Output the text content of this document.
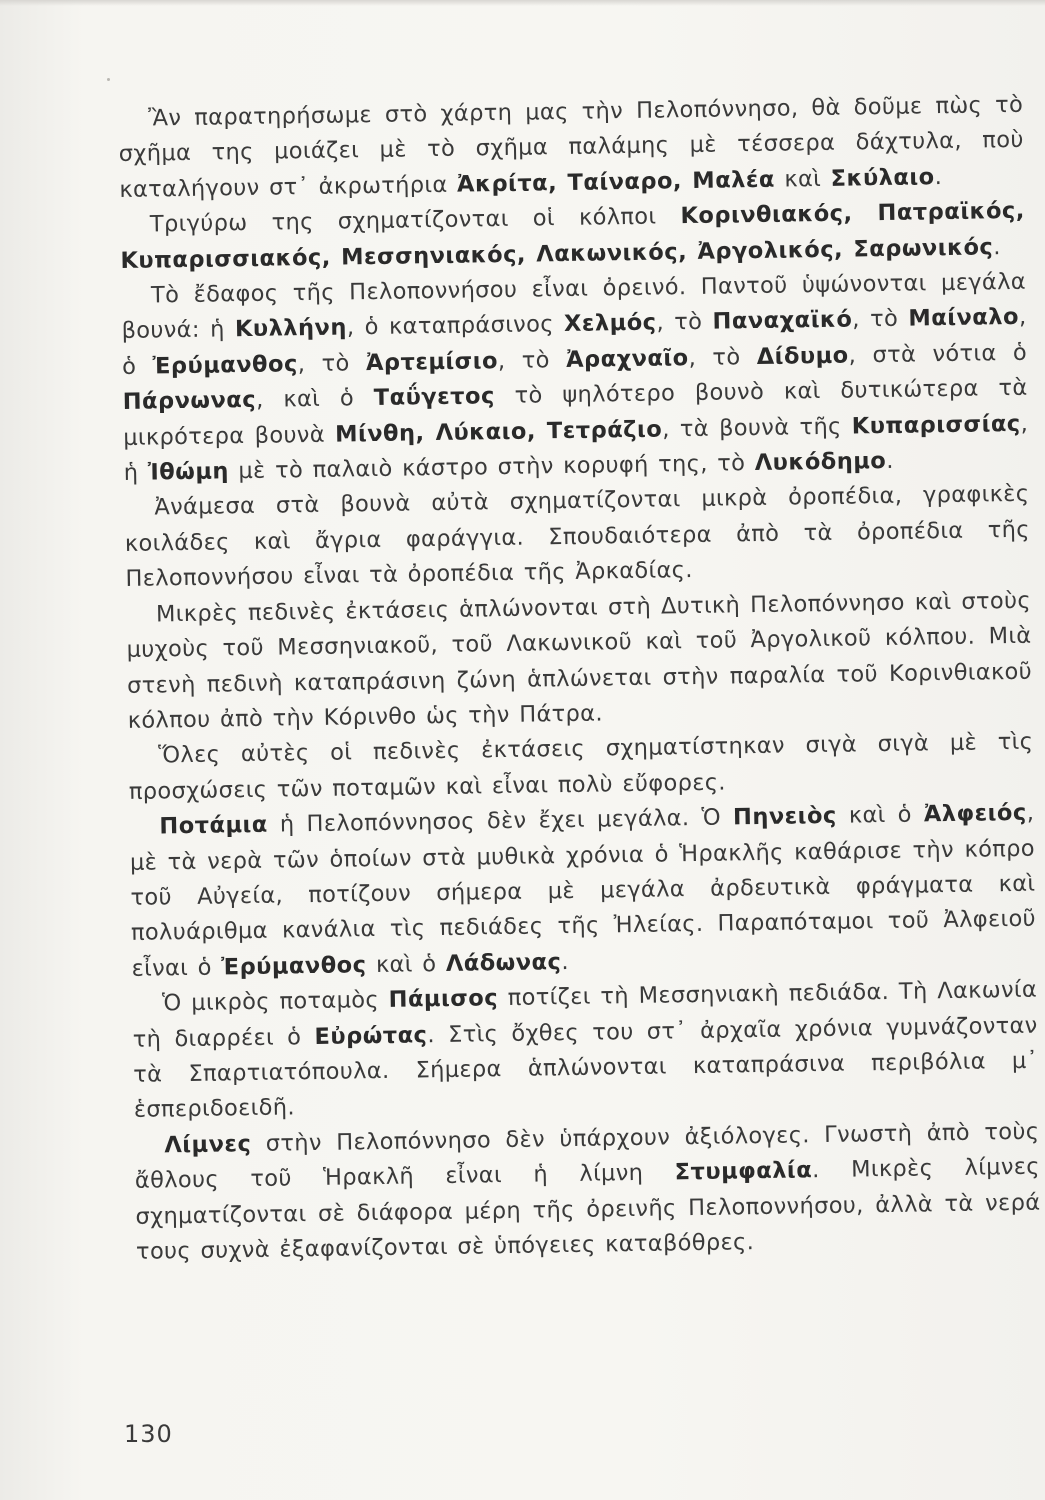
Ἂν παρατηρήσωμε στὸ χάρτη μας τὴν Πελοπόννησο, θὰ δοῦμε πὼς τὸ σχῆμα της μοιάζει μὲ τὸ σχῆμα παλάμης μὲ τέσσερα δάχτυλα, ποὺ καταλήγουν στ᾽ ἀκρωτήρια Ἀκρίτα, Ταίναρο, Μαλέα καὶ Σκύλαιο.

Τριγύρω της σχηματίζονται οἱ κόλποι Κορινθιακός, Πατραϊκός, Κυπαρισσιακός, Μεσσηνιακός, Λακωνικός, Ἀργολικός, Σαρωνικός.

Τὸ ἔδαφος τῆς Πελοποννήσου εἶναι ὀρεινό. Παντοῦ ὑψώνονται μεγάλα βουνά: ἡ Κυλλήνη, ὁ καταπράσινος Χελμός, τὸ Παναχαϊκό, τὸ Μαίναλο, ὁ Ἐρύμανθος, τὸ Ἀρτεμίσιο, τὸ Ἀραχναῖο, τὸ Δίδυμο, στὰ νότια ὁ Πάρνωνας, καὶ ὁ Ταΰγετος τὸ ψηλότερο βουνὸ καὶ δυτικώτερα τὰ μικρότερα βουνὰ Μίνθη, Λύκαιο, Τετράζιο, τὰ βουνὰ τῆς Κυπαρισσίας, ἡ Ἰθώμη μὲ τὸ παλαιὸ κάστρο στὴν κορυφή της, τὸ Λυκόδημο.

Ἀνάμεσα στὰ βουνὰ αὐτὰ σχηματίζονται μικρὰ ὀροπέδια, γραφικὲς κοιλάδες καὶ ἄγρια φαράγγια. Σπουδαιότερα ἀπὸ τὰ ὀροπέδια τῆς Πελοποννήσου εἶναι τὰ ὀροπέδια τῆς Ἀρκαδίας.

Μικρὲς πεδινὲς ἐκτάσεις ἁπλώνονται στὴ Δυτικὴ Πελοπόννησο καὶ στοὺς μυχοὺς τοῦ Μεσσηνιακοῦ, τοῦ Λακωνικοῦ καὶ τοῦ Ἀργολικοῦ κόλπου. Μιὰ στενὴ πεδινὴ καταπράσινη ζώνη ἁπλώνεται στὴν παραλία τοῦ Κορινθιακοῦ κόλπου ἀπὸ τὴν Κόρινθο ὡς τὴν Πάτρα.

Ὅλες αὐτὲς οἱ πεδινὲς ἐκτάσεις σχηματίστηκαν σιγὰ σιγὰ μὲ τὶς προσχώσεις τῶν ποταμῶν καὶ εἶναι πολὺ εὔφορες.

Ποτάμια ἡ Πελοπόννησος δὲν ἔχει μεγάλα. Ὁ Πηνειὸς καὶ ὁ Ἀλφειός, μὲ τὰ νερὰ τῶν ὁποίων στὰ μυθικὰ χρόνια ὁ Ἡρακλῆς καθάρισε τὴν κόπρο τοῦ Αὐγεία, ποτίζουν σήμερα μὲ μεγάλα ἀρδευτικὰ φράγματα καὶ πολυάριθμα κανάλια τὶς πεδιάδες τῆς Ἠλείας. Παραπόταμοι τοῦ Ἀλφειοῦ εἶναι ὁ Ἐρύμανθος καὶ ὁ Λάδωνας.

Ὁ μικρὸς ποταμὸς Πάμισος ποτίζει τὴ Μεσσηνιακὴ πεδιάδα. Τὴ Λακωνία τὴ διαρρέει ὁ Εὐρώτας. Στὶς ὄχθες του στ᾽ ἀρχαῖα χρόνια γυμνάζονταν τὰ Σπαρτιατόπουλα. Σήμερα ἁπλώνονται καταπράσινα περιβόλια μ᾽ ἑσπεριδοειδῆ.

Λίμνες στὴν Πελοπόννησο δὲν ὑπάρχουν ἀξιόλογες. Γνωστὴ ἀπὸ τοὺς ἄθλους τοῦ Ἡρακλῆ εἶναι ἡ λίμνη Στυμφαλία. Μικρὲς λίμνες σχηματίζονται σὲ διάφορα μέρη τῆς ὀρεινῆς Πελοποννήσου, ἀλλὰ τὰ νερά τους συχνὰ ἐξαφανίζονται σὲ ὑπόγειες καταβόθρες.

130
